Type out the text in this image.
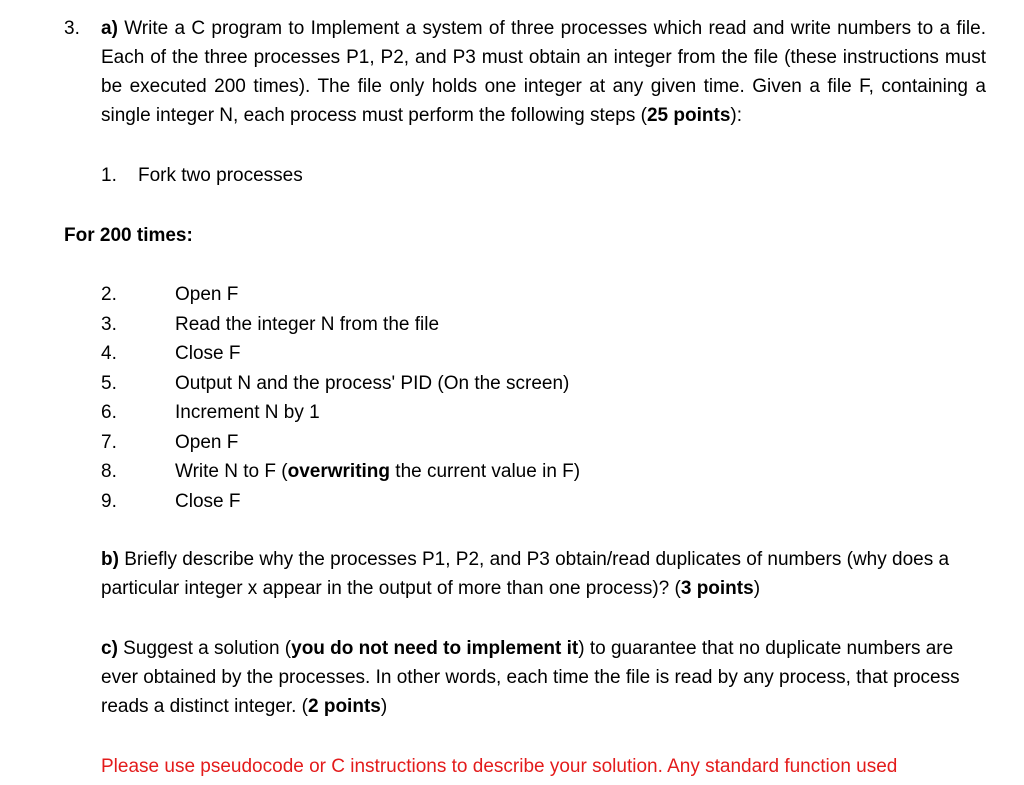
3. a) Write a C program to Implement a system of three processes which read and write numbers to a file. Each of the three processes P1, P2, and P3 must obtain an integer from the file (these instructions must be executed 200 times). The file only holds one integer at any given time. Given a file F, containing a single integer N, each process must perform the following steps (25 points):
1. Fork two processes
For 200 times:
2.	Open F
3.	Read the integer N from the file
4.	Close F
5.	Output N and the process' PID (On the screen)
6.	Increment N by 1
7.	Open F
8.	Write N to F (overwriting the current value in F)
9.	Close F
b) Briefly describe why the processes P1, P2, and P3 obtain/read duplicates of numbers (why does a particular integer x appear in the output of more than one process)? (3 points)
c) Suggest a solution (you do not need to implement it) to guarantee that no duplicate numbers are ever obtained by the processes. In other words, each time the file is read by any process, that process reads a distinct integer. (2 points)
Please use pseudocode or C instructions to describe your solution. Any standard function used
